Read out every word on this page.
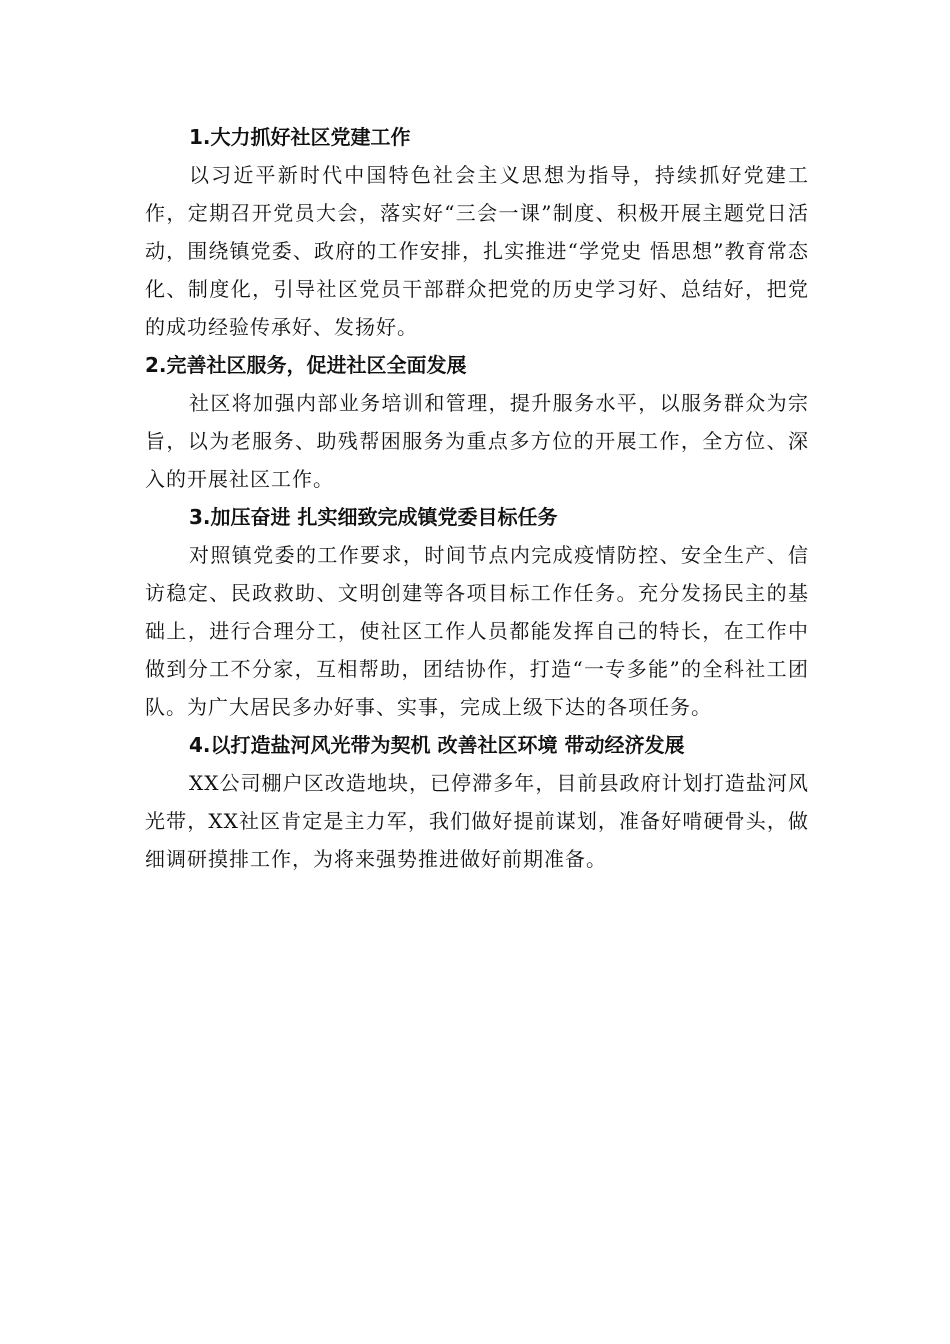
1.大力抓好社区党建工作

以习近平新时代中国特色社会主义思想为指导，持续抓好党建工作，定期召开党员大会，落实好“三会一课”制度、积极开展主题党日活动，围绕镇党委、政府的工作安排，扎实推进“学党史 悟思想”教育常态化、制度化，引导社区党员干部群众把党的历史学习好、总结好，把党的成功经验传承好、发扬好。

2.完善社区服务，促进社区全面发展

社区将加强内部业务培训和管理，提升服务水平，以服务群众为宗旨，以为老服务、助残帮困服务为重点多方位的开展工作，全方位、深入的开展社区工作。

3.加压奋进 扎实细致完成镇党委目标任务

对照镇党委的工作要求，时间节点内完成疫情防控、安全生产、信访稳定、民政救助、文明创建等各项目标工作任务。充分发扬民主的基础上，进行合理分工，使社区工作人员都能发挥自己的特长，在工作中做到分工不分家，互相帮助，团结协作，打造“一专多能”的全科社工团队。为广大居民多办好事、实事，完成上级下达的各项任务。

4.以打造盐河风光带为契机 改善社区环境 带动经济发展

XX公司棚户区改造地块，已停滞多年，目前县政府计划打造盐河风光带，XX社区肯定是主力军，我们做好提前谋划，准备好啃硬骨头，做细调研摸排工作，为将来强势推进做好前期准备。
